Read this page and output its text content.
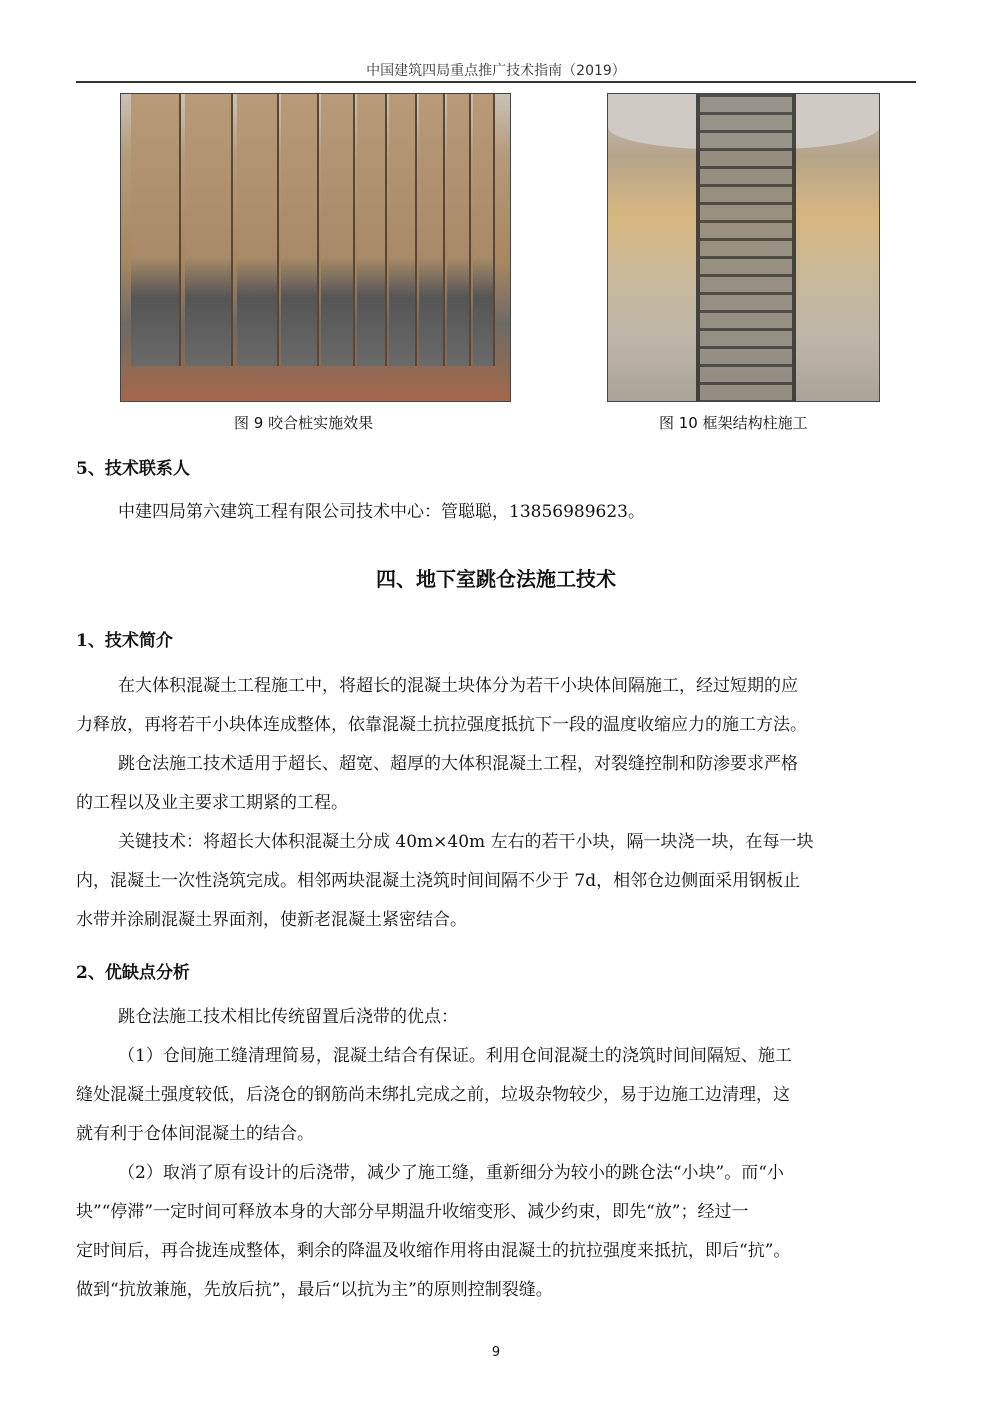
中国建筑四局重点推广技术指南（2019）
图 9 咬合桩实施效果	图 10 框架结构柱施工
5、技术联系人
中建四局第六建筑工程有限公司技术中心：管聪聪，13856989623。
四、地下室跳仓法施工技术
1、技术简介
在大体积混凝土工程施工中，将超长的混凝土块体分为若干小块体间隔施工，经过短期的应
力释放，再将若干小块体连成整体，依靠混凝土抗拉强度抵抗下一段的温度收缩应力的施工方法。
跳仓法施工技术适用于超长、超宽、超厚的大体积混凝土工程，对裂缝控制和防渗要求严格
的工程以及业主要求工期紧的工程。
关键技术：将超长大体积混凝土分成 40m×40m 左右的若干小块，隔一块浇一块，在每一块
内，混凝土一次性浇筑完成。相邻两块混凝土浇筑时间间隔不少于 7d，相邻仓边侧面采用钢板止
水带并涂刷混凝土界面剂，使新老混凝土紧密结合。
2、优缺点分析
跳仓法施工技术相比传统留置后浇带的优点：
（1）仓间施工缝清理简易，混凝土结合有保证。利用仓间混凝土的浇筑时间间隔短、施工
缝处混凝土强度较低，后浇仓的钢筋尚未绑扎完成之前，垃圾杂物较少，易于边施工边清理，这
就有利于仓体间混凝土的结合。
（2）取消了原有设计的后浇带，减少了施工缝，重新细分为较小的跳仓法“小块”。而“小
块”“停滞”一定时间可释放本身的大部分早期温升收缩变形、减少约束，即先“放”；经过一
定时间后，再合拢连成整体，剩余的降温及收缩作用将由混凝土的抗拉强度来抵抗，即后“抗”。
做到“抗放兼施，先放后抗”，最后“以抗为主”的原则控制裂缝。
9
